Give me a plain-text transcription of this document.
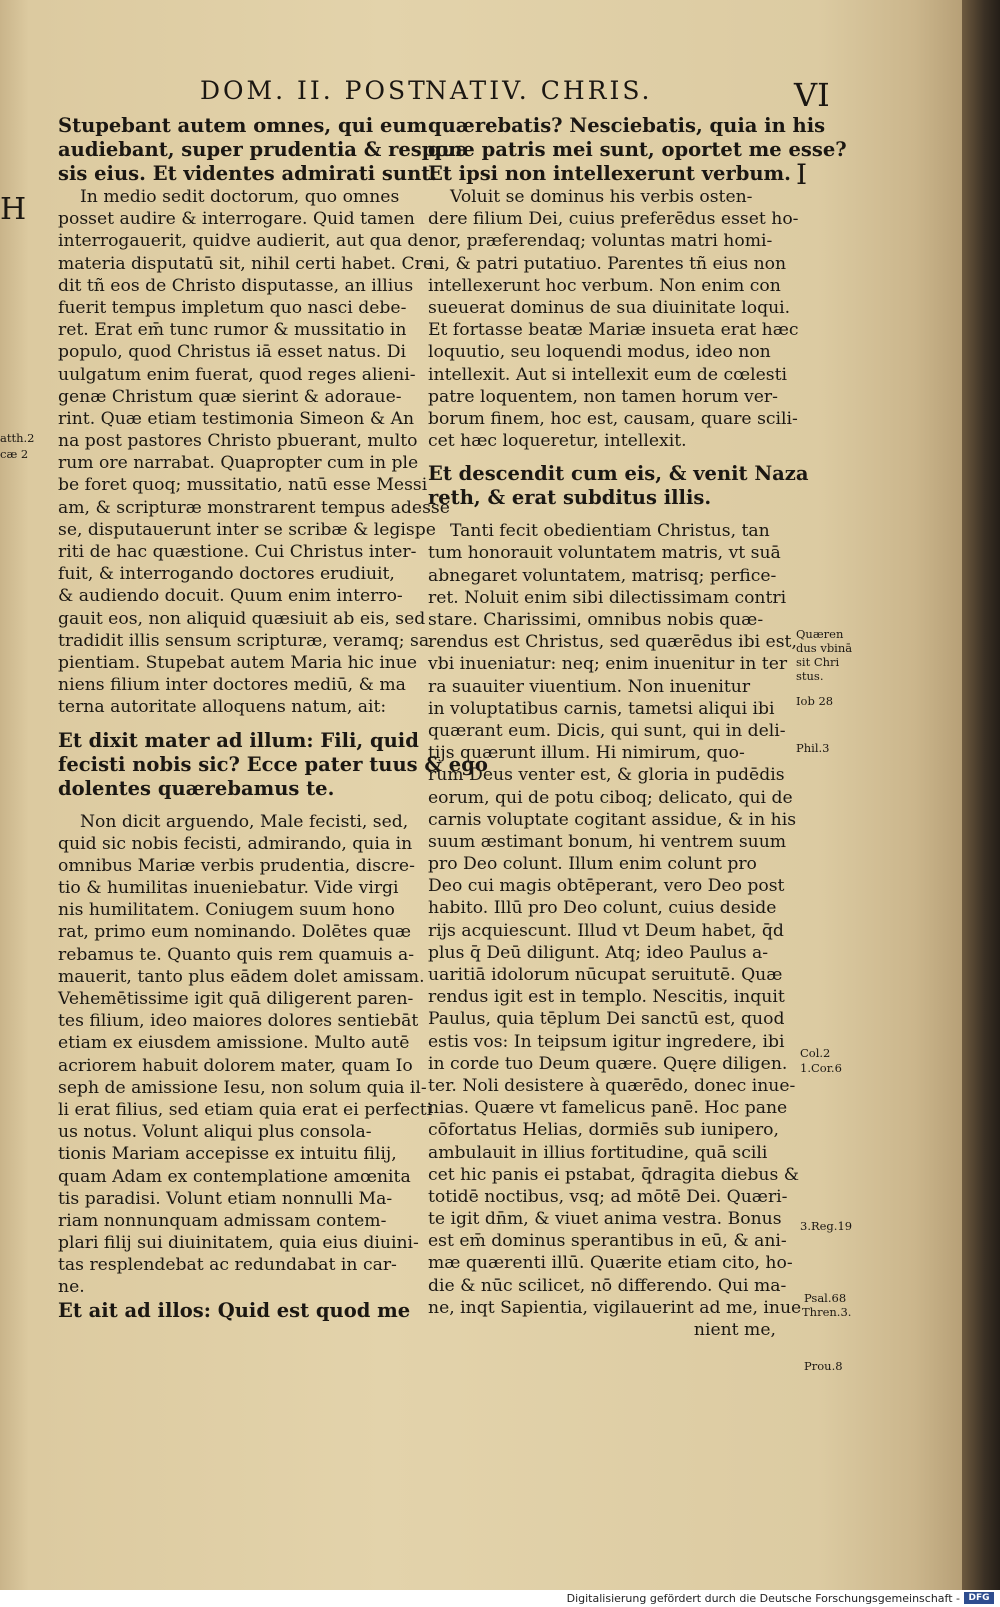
DOM. II. POST
NATIV. CHRIS.	VI
H
atth.2
cæ 2
I
Quæren
dus vbinā
sit Chri
stus.
Iob 28
Phil.3
Col.2
1.Cor.6
3.Reg.19
Psal.68
Thren.3.
Prou.8
Stupebant autem omnes, qui eum
audiebant, super prudentia & respon
sis eius. Et videntes admirati sunt.
In medio sedit doctorum, quo omnes
posset audire & interrogare. Quid tamen
interrogauerit, quidve audierit, aut qua de
materia disputatū sit, nihil certi habet. Cre
dit tñ eos de Christo disputasse, an illius
fuerit tempus impletum quo nasci debe-
ret. Erat em̄ tunc rumor & mussitatio in
populo, quod Christus iā esset natus. Di
uulgatum enim fuerat, quod reges alieni-
genæ Christum quæ sierint & adoraue-
rint. Quæ etiam testimonia Simeon & An
na post pastores Christo pbuerant, multo
rum ore narrabat. Quapropter cum in ple
be foret quoq; mussitatio, natū esse Messi
am, & scripturæ monstrarent tempus adesse
se, disputauerunt inter se scribæ & legispe
riti de hac quæstione. Cui Christus inter-
fuit, & interrogando doctores erudiuit,
& audiendo docuit. Quum enim interro-
gauit eos, non aliquid quæsiuit ab eis, sed
tradidit illis sensum scripturæ, veramq; sa
pientiam. Stupebat autem Maria hic inue
niens filium inter doctores mediū, & ma
terna autoritate alloquens natum, ait:
Et dixit mater ad illum: Fili, quid
fecisti nobis sic? Ecce pater tuus & ego
dolentes quærebamus te.
Non dicit arguendo, Male fecisti, sed,
quid sic nobis fecisti, admirando, quia in
omnibus Mariæ verbis prudentia, discre-
tio & humilitas inueniebatur. Vide virgi
nis humilitatem. Coniugem suum hono
rat, primo eum nominando. Dolētes quæ
rebamus te. Quanto quis rem quamuis a-
mauerit, tanto plus eādem dolet amissam.
Vehemētissime igit quā diligerent paren-
tes filium, ideo maiores dolores sentiebāt
etiam ex eiusdem amissione. Multo autē
acriorem habuit dolorem mater, quam Io
seph de amissione Iesu, non solum quia il-
li erat filius, sed etiam quia erat ei perfecti
us notus. Volunt aliqui plus consola-
tionis Mariam accepisse ex intuitu filij,
quam Adam ex contemplatione amœnita
tis paradisi. Volunt etiam nonnulli Ma-
riam nonnunquam admissam contem-
plari filij sui diuinitatem, quia eius diuini-
tas resplendebat ac redundabat in car-
ne.
Et ait ad illos: Quid est quod me
quærebatis? Nesciebatis, quia in his
quæ patris mei sunt, oportet me esse?
Et ipsi non intellexerunt verbum.
Voluit se dominus his verbis osten-
dere filium Dei, cuius preferēdus esset ho-
nor, præferendaq; voluntas matri homi-
ni, & patri putatiuo. Parentes tñ eius non
intellexerunt hoc verbum. Non enim con
sueuerat dominus de sua diuinitate loqui.
Et fortasse beatæ Mariæ insueta erat hæc
loquutio, seu loquendi modus, ideo non
intellexit. Aut si intellexit eum de cœlesti
patre loquentem, non tamen horum ver-
borum finem, hoc est, causam, quare scili-
cet hæc loqueretur, intellexit.
Et descendit cum eis, & venit Naza
reth, & erat subditus illis.
Tanti fecit obedientiam Christus, tan
tum honorauit voluntatem matris, vt suā
abnegaret voluntatem, matrisq; perfice-
ret. Noluit enim sibi dilectissimam contri
stare. Charissimi, omnibus nobis quæ-
rendus est Christus, sed quærēdus ibi est,
vbi inueniatur: neq; enim inuenitur in ter
ra suauiter viuentium. Non inuenitur
in voluptatibus carnis, tametsi aliqui ibi
quærant eum. Dicis, qui sunt, qui in deli-
tijs quærunt illum. Hi nimirum, quo-
rum Deus venter est, & gloria in pudēdis
eorum, qui de potu ciboq; delicato, qui de
carnis voluptate cogitant assidue, & in his
suum æstimant bonum, hi ventrem suum
pro Deo colunt. Illum enim colunt pro
Deo cui magis obtēperant, vero Deo post
habito. Illū pro Deo colunt, cuius deside
rijs acquiescunt. Illud vt Deum habet, q̄d
plus q̄ Deū diligunt. Atq; ideo Paulus a-
uaritiā idolorum nūcupat seruitutē. Quæ
rendus igit est in templo. Nescitis, inquit
Paulus, quia tēplum Dei sanctū est, quod
estis vos: In teipsum igitur ingredere, ibi
in corde tuo Deum quære. Quęre diligen.
ter. Noli desistere à quærēdo, donec inue-
nias. Quære vt famelicus panē. Hoc pane
cōfortatus Helias, dormiēs sub iunipero,
ambulauit in illius fortitudine, quā scili
cet hic panis ei pstabat, q̄dragita diebus &
totidē noctibus, vsq; ad mōtē Dei. Quæri-
te igit dn̄m, & viuet anima vestra. Bonus
est em̄ dominus sperantibus in eū, & ani-
mæ quærenti illū. Quærite etiam cito, ho-
die & nūc scilicet, nō differendo. Qui ma-
ne, inqt Sapientia, vigilauerint ad me, inue
nient me,
Digitalisierung gefördert durch die Deutsche Forschungsgemeinschaft - DFG
